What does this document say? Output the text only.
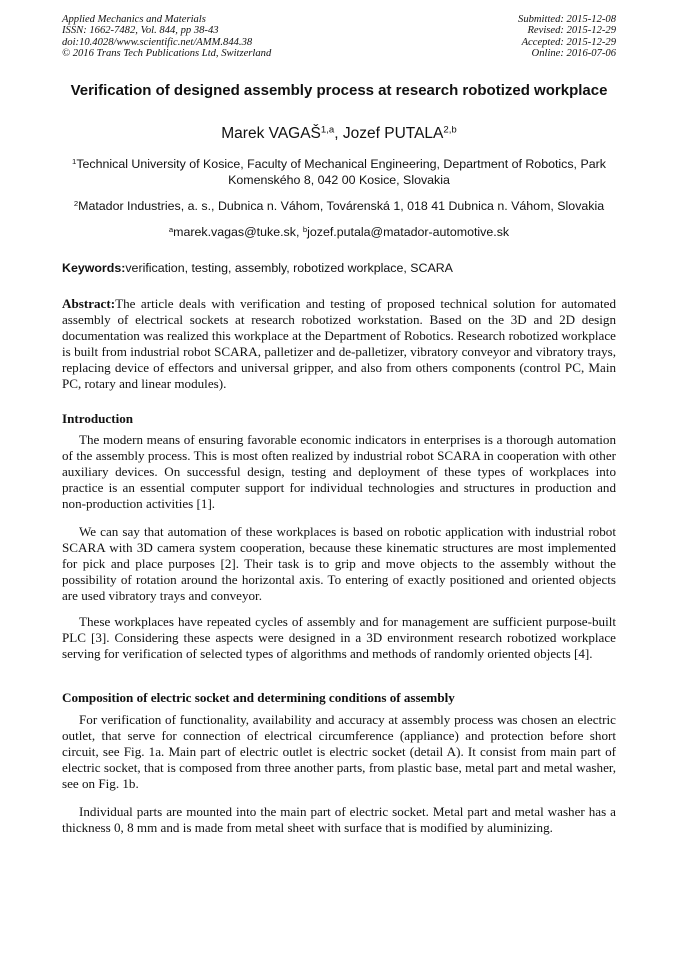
Applied Mechanics and Materials
ISSN: 1662-7482, Vol. 844, pp 38-43
doi:10.4028/www.scientific.net/AMM.844.38
© 2016 Trans Tech Publications Ltd, Switzerland
Submitted: 2015-12-08
Revised: 2015-12-29
Accepted: 2015-12-29
Online: 2016-07-06
Verification of designed assembly process at research robotized workplace
Marek VAGAŠ$^{1,a}$, Jozef PUTALA$^{2,b}$
$^1$Technical University of Kosice, Faculty of Mechanical Engineering, Department of Robotics, Park Komenského 8, 042 00 Kosice, Slovakia
$^2$Matador Industries, a. s., Dubnica n. Váhom, Továrenská 1, 018 41 Dubnica n. Váhom, Slovakia
$^a$marek.vagas@tuke.sk, $^b$jozef.putala@matador-automotive.sk
Keywords:verification, testing, assembly, robotized workplace, SCARA
Abstract:The article deals with verification and testing of proposed technical solution for automated assembly of electrical sockets at research robotized workstation. Based on the 3D and 2D design documentation was realized this workplace at the Department of Robotics. Research robotized workplace is built from industrial robot SCARA, palletizer and de-palletizer, vibratory conveyor and vibratory trays, replacing device of effectors and universal gripper, and also from others components (control PC, Main PC, rotary and linear modules).
Introduction
The modern means of ensuring favorable economic indicators in enterprises is a thorough automation of the assembly process. This is most often realized by industrial robot SCARA in cooperation with other auxiliary devices. On successful design, testing and deployment of these types of workplaces into practice is an essential computer support for individual technologies and structures in production and non-production activities [1].
We can say that automation of these workplaces is based on robotic application with industrial robot SCARA with 3D camera system cooperation, because these kinematic structures are most implemented for pick and place purposes [2]. Their task is to grip and move objects to the assembly without the possibility of rotation around the horizontal axis. To entering of exactly positioned and oriented objects are used vibratory trays and conveyor.
These workplaces have repeated cycles of assembly and for management are sufficient purpose-built PLC [3]. Considering these aspects were designed in a 3D environment research robotized workplace serving for verification of selected types of algorithms and methods of randomly oriented objects [4].
Composition of electric socket and determining conditions of assembly
For verification of functionality, availability and accuracy at assembly process was chosen an electric outlet, that serve for connection of electrical circumference (appliance) and protection before short circuit, see Fig. 1a. Main part of electric outlet is electric socket (detail A). It consist from main part of electric socket, that is composed from three another parts, from plastic base, metal part and metal washer, see on Fig. 1b.
Individual parts are mounted into the main part of electric socket. Metal part and metal washer has a thickness 0, 8 mm and is made from metal sheet with surface that is modified by aluminizing.
